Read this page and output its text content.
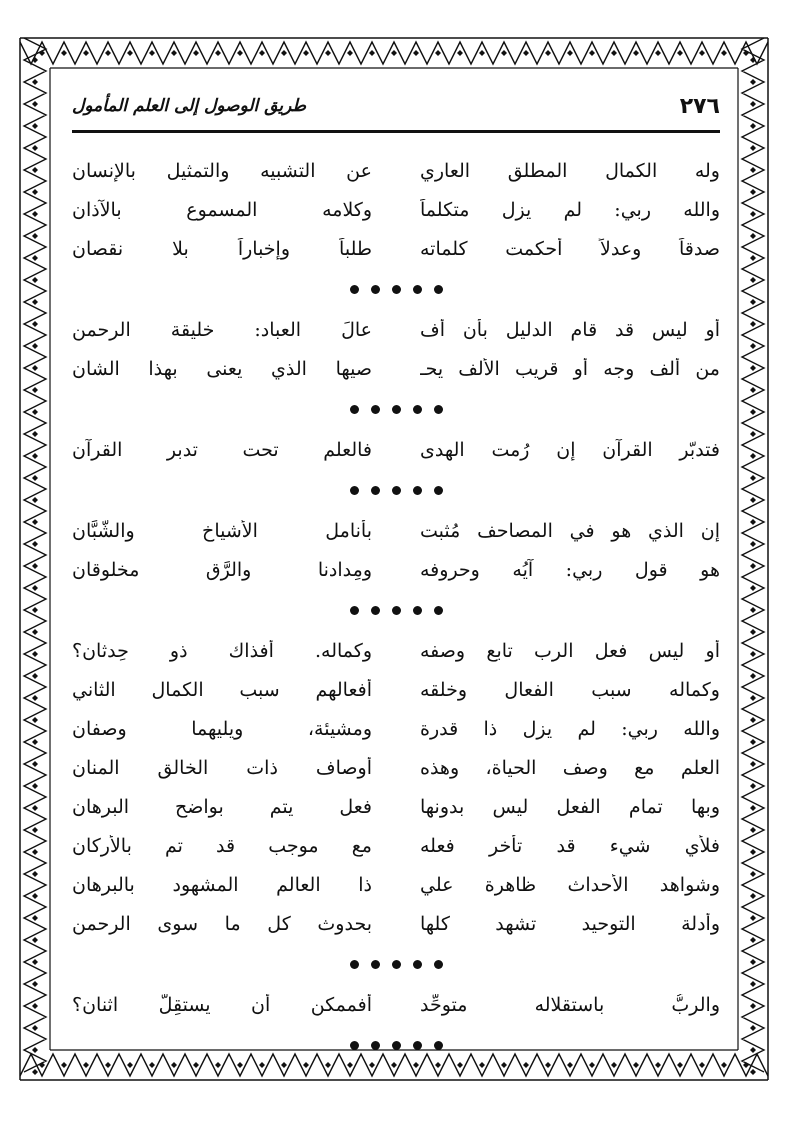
٢٧٦
طريق الوصول إلى العلم المأمول
وله الكمال المطلق العاري
عن التشبيه والتمثيل بالإنسان
والله ربي: لم يزل متكلماً
وكلامه المسموع بالآذان
صدقاً وعدلاً أحكمت كلماته
طلباً وإخباراً بلا نقصان
أو ليس قد قام الدليل بأن أف
عالَ العباد: خليقة الرحمن
من ألف وجه أو قريب الألف يحـ
صيها الذي يعنى بهذا الشان
فتدبّر القرآن إن رُمت الهدى
فالعلم تحت تدبر القرآن
إن الذي هو في المصاحف مُثبت
بأنامل الأشياخ والشُّبَّان
هو قول ربي: آيُه وحروفه
ومِدادنا والرَّق مخلوقان
أو ليس فعل الرب تابع وصفه
وكماله. أفذاك ذو حِدثان؟
وكماله سبب الفعال وخلقه
أفعالهم سبب الكمال الثاني
والله ربي: لم يزل ذا قدرة
ومشيئة، ويليهما وصفان
العلم مع وصف الحياة، وهذه
أوصاف ذات الخالق المنان
وبها تمام الفعل ليس بدونها
فعل يتم بواضح البرهان
فلأي شيء قد تأخر فعله
مع موجب قد تم بالأركان
وشواهد الأحداث ظاهرة علي
ذا العالم المشهود بالبرهان
وأدلة التوحيد تشهد كلها
بحدوث كل ما سوى الرحمن
والربُّ باستقلاله متوحِّد
أفممكن أن يستقِلَّ اثنان؟
